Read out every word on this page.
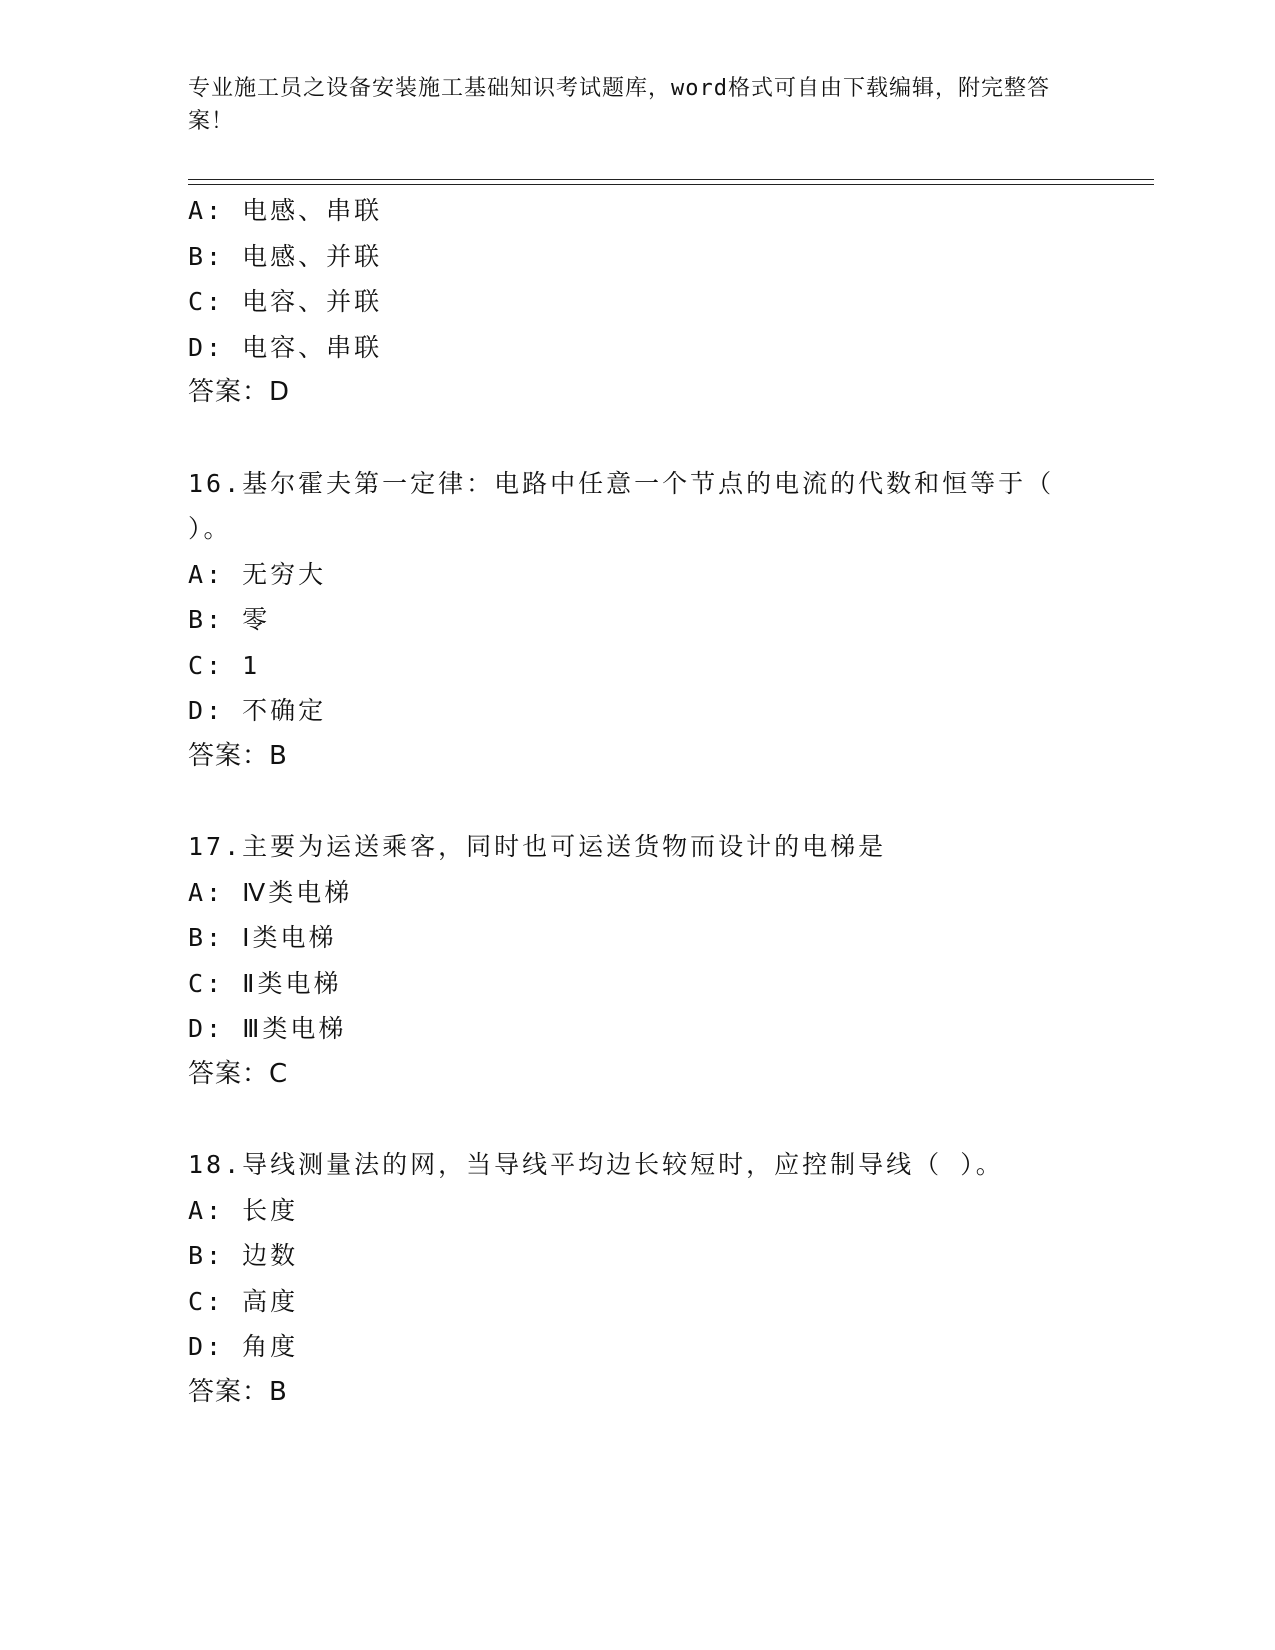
专业施工员之设备安装施工基础知识考试题库，word格式可自由下载编辑，附完整答案！
A: 电感、串联
B: 电感、并联
C: 电容、并联
D: 电容、串联
答案：D
16.基尔霍夫第一定律：电路中任意一个节点的电流的代数和恒等于（ ）。
A: 无穷大
B: 零
C: 1
D: 不确定
答案：B
17.主要为运送乘客，同时也可运送货物而设计的电梯是
A: Ⅳ类电梯
B: Ⅰ类电梯
C: Ⅱ类电梯
D: Ⅲ类电梯
答案：C
18.导线测量法的网，当导线平均边长较短时，应控制导线（ ）。
A: 长度
B: 边数
C: 高度
D: 角度
答案：B
